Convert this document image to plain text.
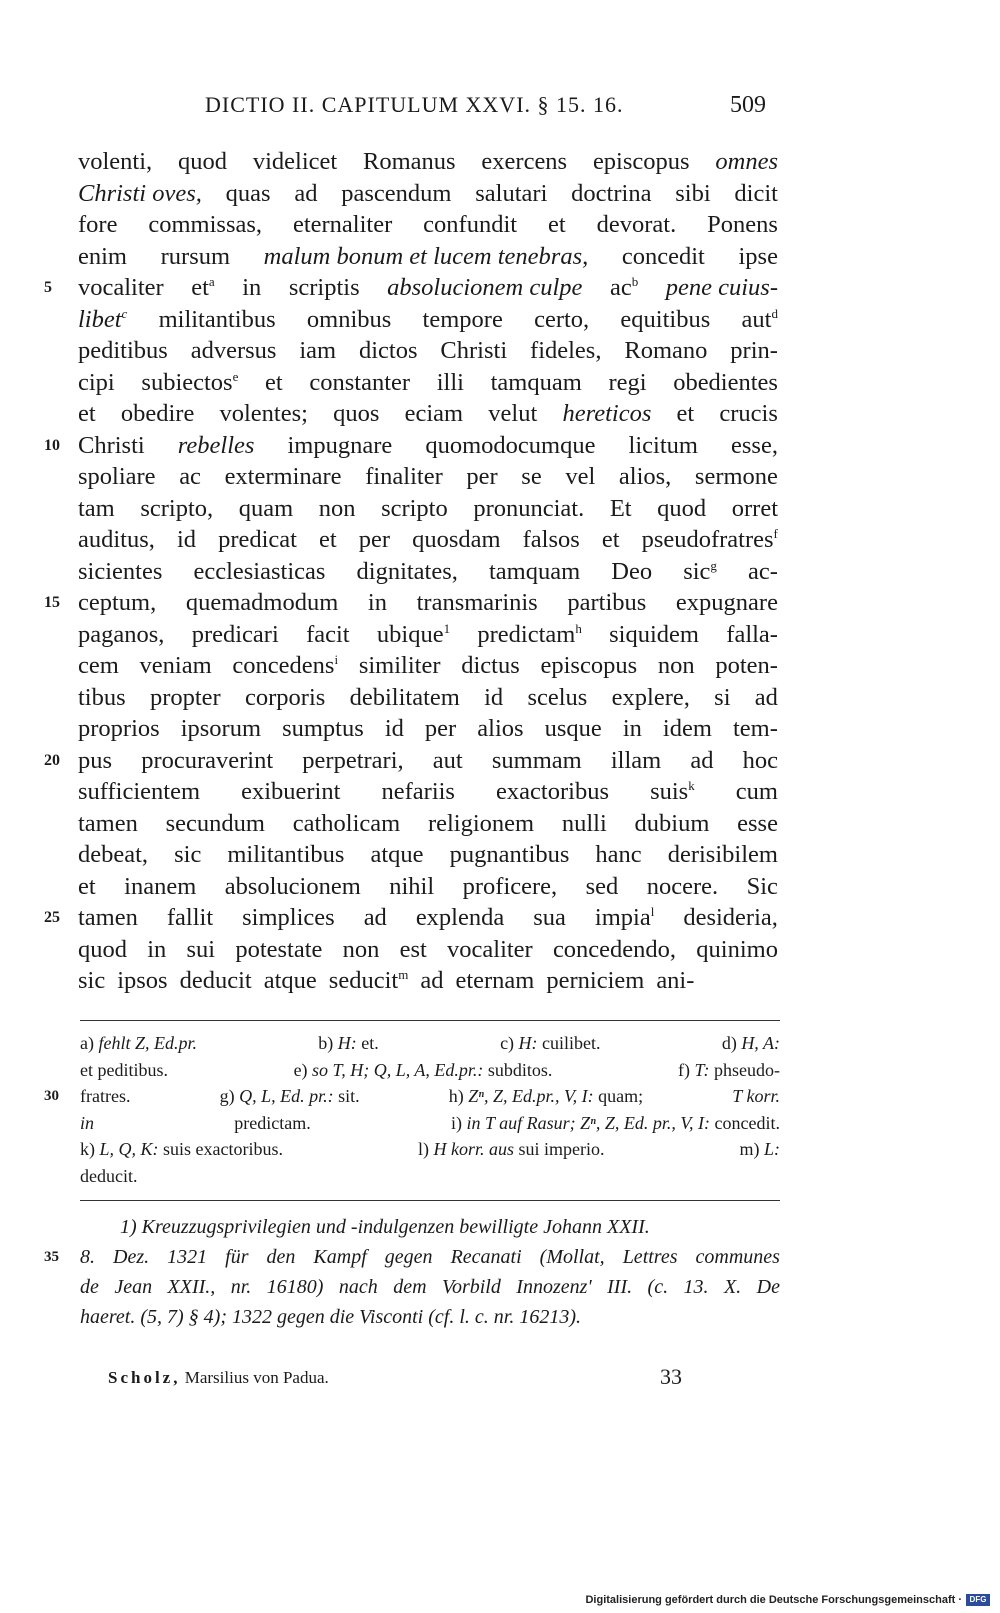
DICTIO II. CAPITULUM XXVI. § 15. 16.	509
volenti, quod videlicet Romanus exercens episcopus omnes
Christi oves, quas ad pascendum salutari doctrina sibi dicit
fore commissas, eternaliter confundit et devorat. Ponens
enim rursum malum bonum et lucem tenebras, concedit ipse
vocaliter $et^a$ in scriptis absolucionem culpe $ac^b$ pene cuius-
libet$^c$ militantibus omnibus tempore certo, equitibus aut$^d$
peditibus adversus iam dictos Christi fideles, Romano prin-
cipi subiectos$^e$ et constanter illi tamquam regi obedientes
et obedire volentes; quos eciam velut hereticos et crucis
Christi rebelles impugnare quomodocumque licitum esse,
spoliare ac exterminare finaliter per se vel alios, sermone
tam scripto, quam non scripto pronunciat. Et quod orret
auditus, id predicat et per quosdam falsos et pseudofratres$^f$
sicientes ecclesiasticas dignitates, tamquam Deo sic$^g$ ac-
ceptum, quemadmodum in transmarinis partibus expugnare
paganos, predicari facit ubique$^1$ predictam$^h$ siquidem falla-
cem veniam concedens$^i$ similiter dictus episcopus non poten-
tibus propter corporis debilitatem id scelus explere, si ad
proprios ipsorum sumptus id per alios usque in idem tem-
pus procuraverint perpetrari, aut summam illam ad hoc
sufficientem exibuerint nefariis exactoribus suis$^k$ cum
tamen secundum catholicam religionem nulli dubium esse
debeat, sic militantibus atque pugnantibus hanc derisibilem
et inanem absolucionem nihil proficere, sed nocere. Sic
tamen fallit simplices ad explenda sua impia$^l$ desideria,
quod in sui potestate non est vocaliter concedendo, quinimo
sic ipsos deducit atque seducit$^m$ ad eternam perniciem ani-
5
10
15
20
25
a) fehlt Z, Ed.pr.	b) H: et.	c) H: cuilibet.	d) H, A:
et peditibus.	e) so T, H; Q, L, A, Ed.pr.: subditos.	f) T: phseudo-
fratres.	g) Q, L, Ed. pr.: sit.	h) Zⁿ, Z, Ed.pr., V, I: quam;	T korr.
in	predictam.	i) in T auf Rasur; Zⁿ, Z, Ed. pr., V, I: concedit.
k) L, Q, K: suis exactoribus.	l) H korr. aus sui imperio.	m) L:
deducit.
30
1) Kreuzzugsprivilegien und -indulgenzen bewilligte Johann XXII.
8. Dez. 1321 für den Kampf gegen Recanati (Mollat, Lettres communes
de Jean XXII., nr. 16180) nach dem Vorbild Innozenz' III. (c. 13. X. De
haeret. (5, 7) § 4); 1322 gegen die Visconti (cf. l. c. nr. 16213).
35
Scholz, Marsilius von Padua.	33
Digitalisierung gefördert durch die Deutsche Forschungsgemeinschaft · DFG
